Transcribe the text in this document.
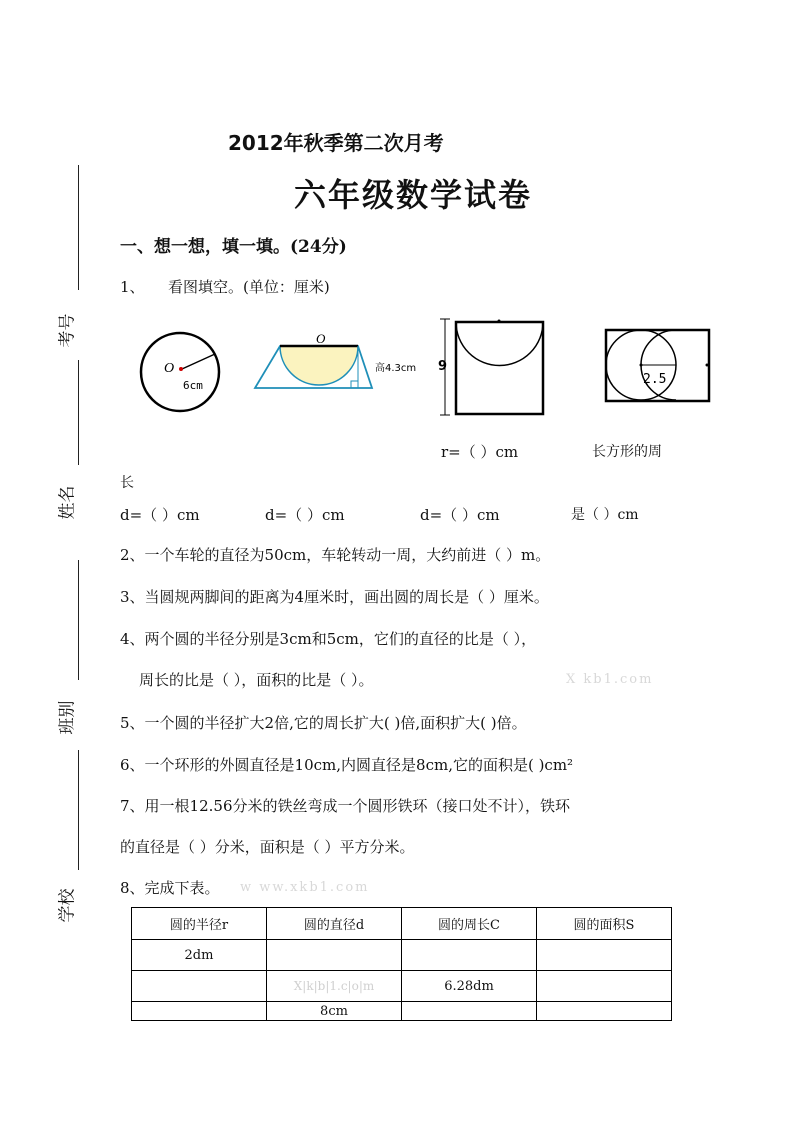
考号
姓名
班别
学校
2012年秋季第二次月考
六年级数学试卷
一、想一想，填一填。(24分)
1、 看图填空。(单位：厘米)
O
6cm
O
高4.3cm 9
2.5
r=（ ）cm	长方形的周
长
d=（ ）cm	d=（ ）cm	d=（ ）cm	是（ ）cm
2、一个车轮的直径为50cm，车轮转动一周，大约前进（ ）m。
3、当圆规两脚间的距离为4厘米时，画出圆的周长是（ ）厘米。
4、两个圆的半径分别是3cm和5cm，它们的直径的比是（ ），
周长的比是（ ），面积的比是（ ）。	X kb1.com
5、一个圆的半径扩大2倍,它的周长扩大( )倍,面积扩大( )倍。
6、一个环形的外圆直径是10cm,内圆直径是8cm,它的面积是( )cm²
7、用一根12.56分米的铁丝弯成一个圆形铁环（接口处不计），铁环
的直径是（ ）分米，面积是（ ）平方分米。
8、完成下表。 w ww.xkb1.com
圆的半径r	圆的直径d	圆的周长C	圆的面积S
2dm			
	X|k|b|1.c|o|m	6.28dm	
	8cm		
